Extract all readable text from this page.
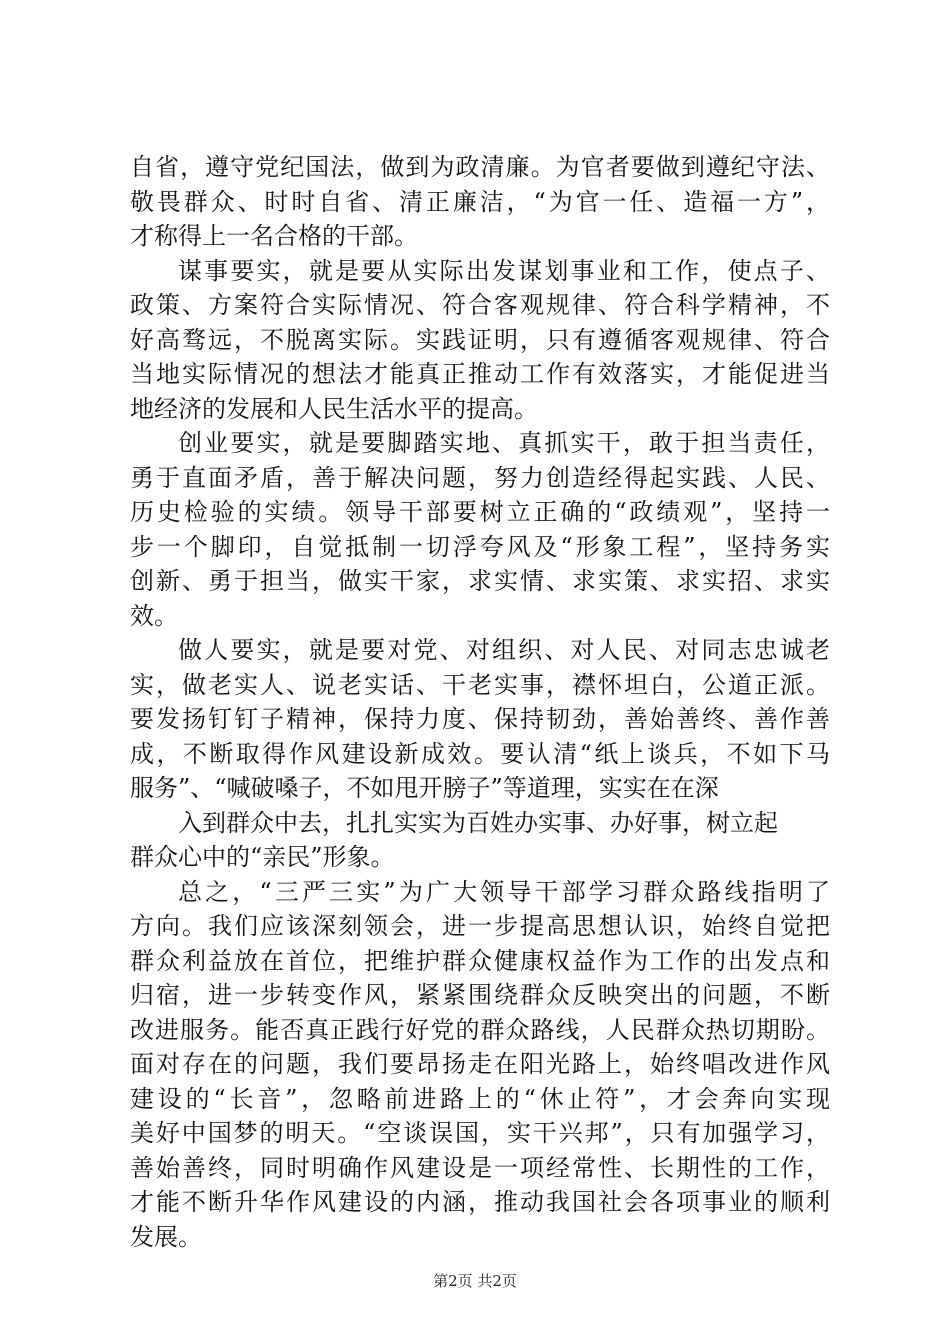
自省，遵守党纪国法，做到为政清廉。为官者要做到遵纪守法、
敬畏群众、时时自省、清正廉洁，“为官一任、造福一方”，
才称得上一名合格的干部。
谋事要实，就是要从实际出发谋划事业和工作，使点子、
政策、方案符合实际情况、符合客观规律、符合科学精神，不
好高骛远，不脱离实际。实践证明，只有遵循客观规律、符合
当地实际情况的想法才能真正推动工作有效落实，才能促进当
地经济的发展和人民生活水平的提高。
创业要实，就是要脚踏实地、真抓实干，敢于担当责任，
勇于直面矛盾，善于解决问题，努力创造经得起实践、人民、
历史检验的实绩。领导干部要树立正确的“政绩观”，坚持一
步一个脚印，自觉抵制一切浮夸风及“形象工程”，坚持务实
创新、勇于担当，做实干家，求实情、求实策、求实招、求实
效。
做人要实，就是要对党、对组织、对人民、对同志忠诚老
实，做老实人、说老实话、干老实事，襟怀坦白，公道正派。
要发扬钉钉子精神，保持力度、保持韧劲，善始善终、善作善
成，不断取得作风建设新成效。要认清“纸上谈兵，不如下马
服务”、“喊破嗓子，不如甩开膀子”等道理，实实在在深
入到群众中去，扎扎实实为百姓办实事、办好事，树立起
群众心中的“亲民”形象。
总之，“三严三实”为广大领导干部学习群众路线指明了
方向。我们应该深刻领会，进一步提高思想认识，始终自觉把
群众利益放在首位，把维护群众健康权益作为工作的出发点和
归宿，进一步转变作风，紧紧围绕群众反映突出的问题，不断
改进服务。能否真正践行好党的群众路线，人民群众热切期盼。
面对存在的问题，我们要昂扬走在阳光路上，始终唱改进作风
建设的“长音”，忽略前进路上的“休止符”，才会奔向实现
美好中国梦的明天。“空谈误国，实干兴邦”，只有加强学习，
善始善终，同时明确作风建设是一项经常性、长期性的工作，
才能不断升华作风建设的内涵，推动我国社会各项事业的顺利
发展。
第2页 共2页
